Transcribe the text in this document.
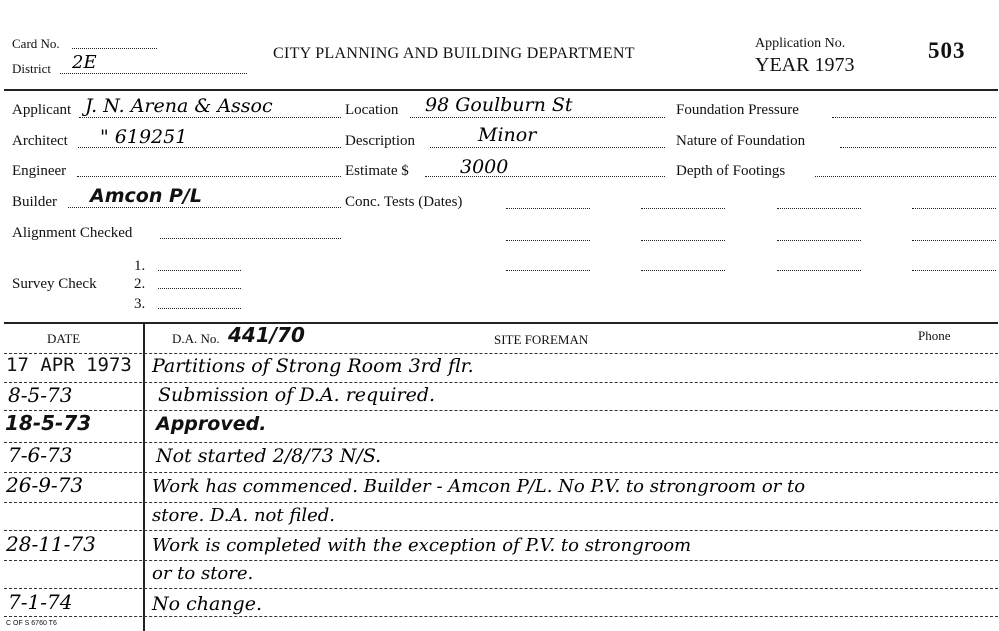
Card No.
District 2E	CITY PLANNING AND BUILDING DEPARTMENT
Application No.
YEAR 1973
503
Applicant J. N. Arena & Assoc
Architect " 619251
Engineer
Builder Amcon P/L
Alignment Checked
Survey Check
1.
2.
3.
Location 98 Goulburn St
Description	Minor
Estimate $	3000
Conc. Tests (Dates)
Foundation Pressure
Nature of Foundation
Depth of Footings
DATE	D.A. No. 441/70	SITE FOREMAN	Phone
17 APR 1973 Partitions of Strong Room 3rd flr.
8-5-73	Submission of D.A. required.
18-5-73	Approved.
7-6-73	Not started 2/8/73 N/S.
26-9-73	Work has commenced. Builder - Amcon P/L. No P.V. to strongroom or to
store. D.A. not filed.
28-11-73	Work is completed with the exception of P.V. to strongroom
or to store.
7-1-74	No change.
C OF S 6760 T6
